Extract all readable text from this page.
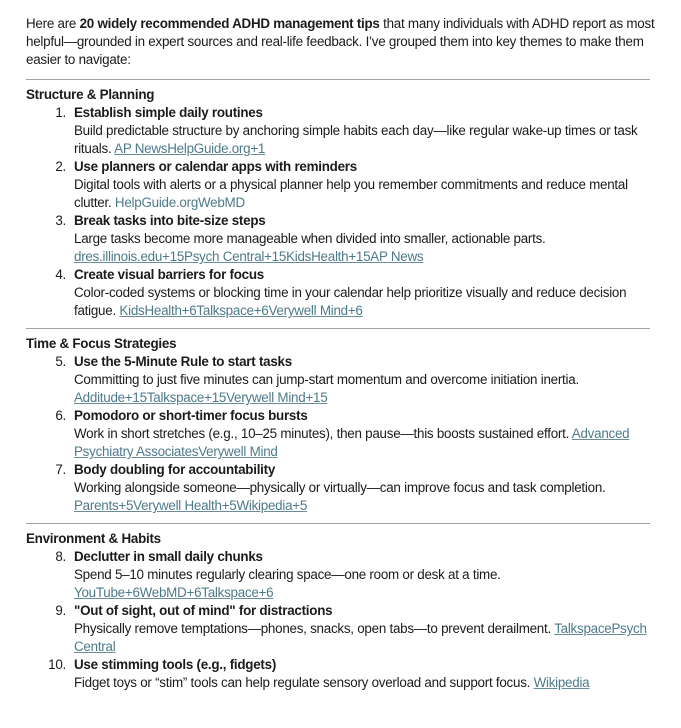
Here are 20 widely recommended ADHD management tips that many individuals with ADHD report as most helpful—grounded in expert sources and real-life feedback. I’ve grouped them into key themes to make them easier to navigate:

Structure & Planning

1. Establish simple daily routines
Build predictable structure by anchoring simple habits each day—like regular wake-up times or task rituals. AP NewsHelpGuide.org+1
2. Use planners or calendar apps with reminders
Digital tools with alerts or a physical planner help you remember commitments and reduce mental clutter. HelpGuide.orgWebMD
3. Break tasks into bite-size steps
Large tasks become more manageable when divided into smaller, actionable parts. dres.illinois.edu+15Psych Central+15KidsHealth+15AP News
4. Create visual barriers for focus
Color-coded systems or blocking time in your calendar help prioritize visually and reduce decision fatigue. KidsHealth+6Talkspace+6Verywell Mind+6

Time & Focus Strategies

5. Use the 5-Minute Rule to start tasks
Committing to just five minutes can jump-start momentum and overcome initiation inertia. Additude+15Talkspace+15Verywell Mind+15
6. Pomodoro or short-timer focus bursts
Work in short stretches (e.g., 10–25 minutes), then pause—this boosts sustained effort. Advanced Psychiatry AssociatesVerywell Mind
7. Body doubling for accountability
Working alongside someone—physically or virtually—can improve focus and task completion. Parents+5Verywell Health+5Wikipedia+5

Environment & Habits

8. Declutter in small daily chunks
Spend 5–10 minutes regularly clearing space—one room or desk at a time. YouTube+6WebMD+6Talkspace+6
9. "Out of sight, out of mind" for distractions
Physically remove temptations—phones, snacks, open tabs—to prevent derailment. TalkspacePsych Central
10. Use stimming tools (e.g., fidgets)
Fidget toys or “stim” tools can help regulate sensory overload and support focus. Wikipedia
